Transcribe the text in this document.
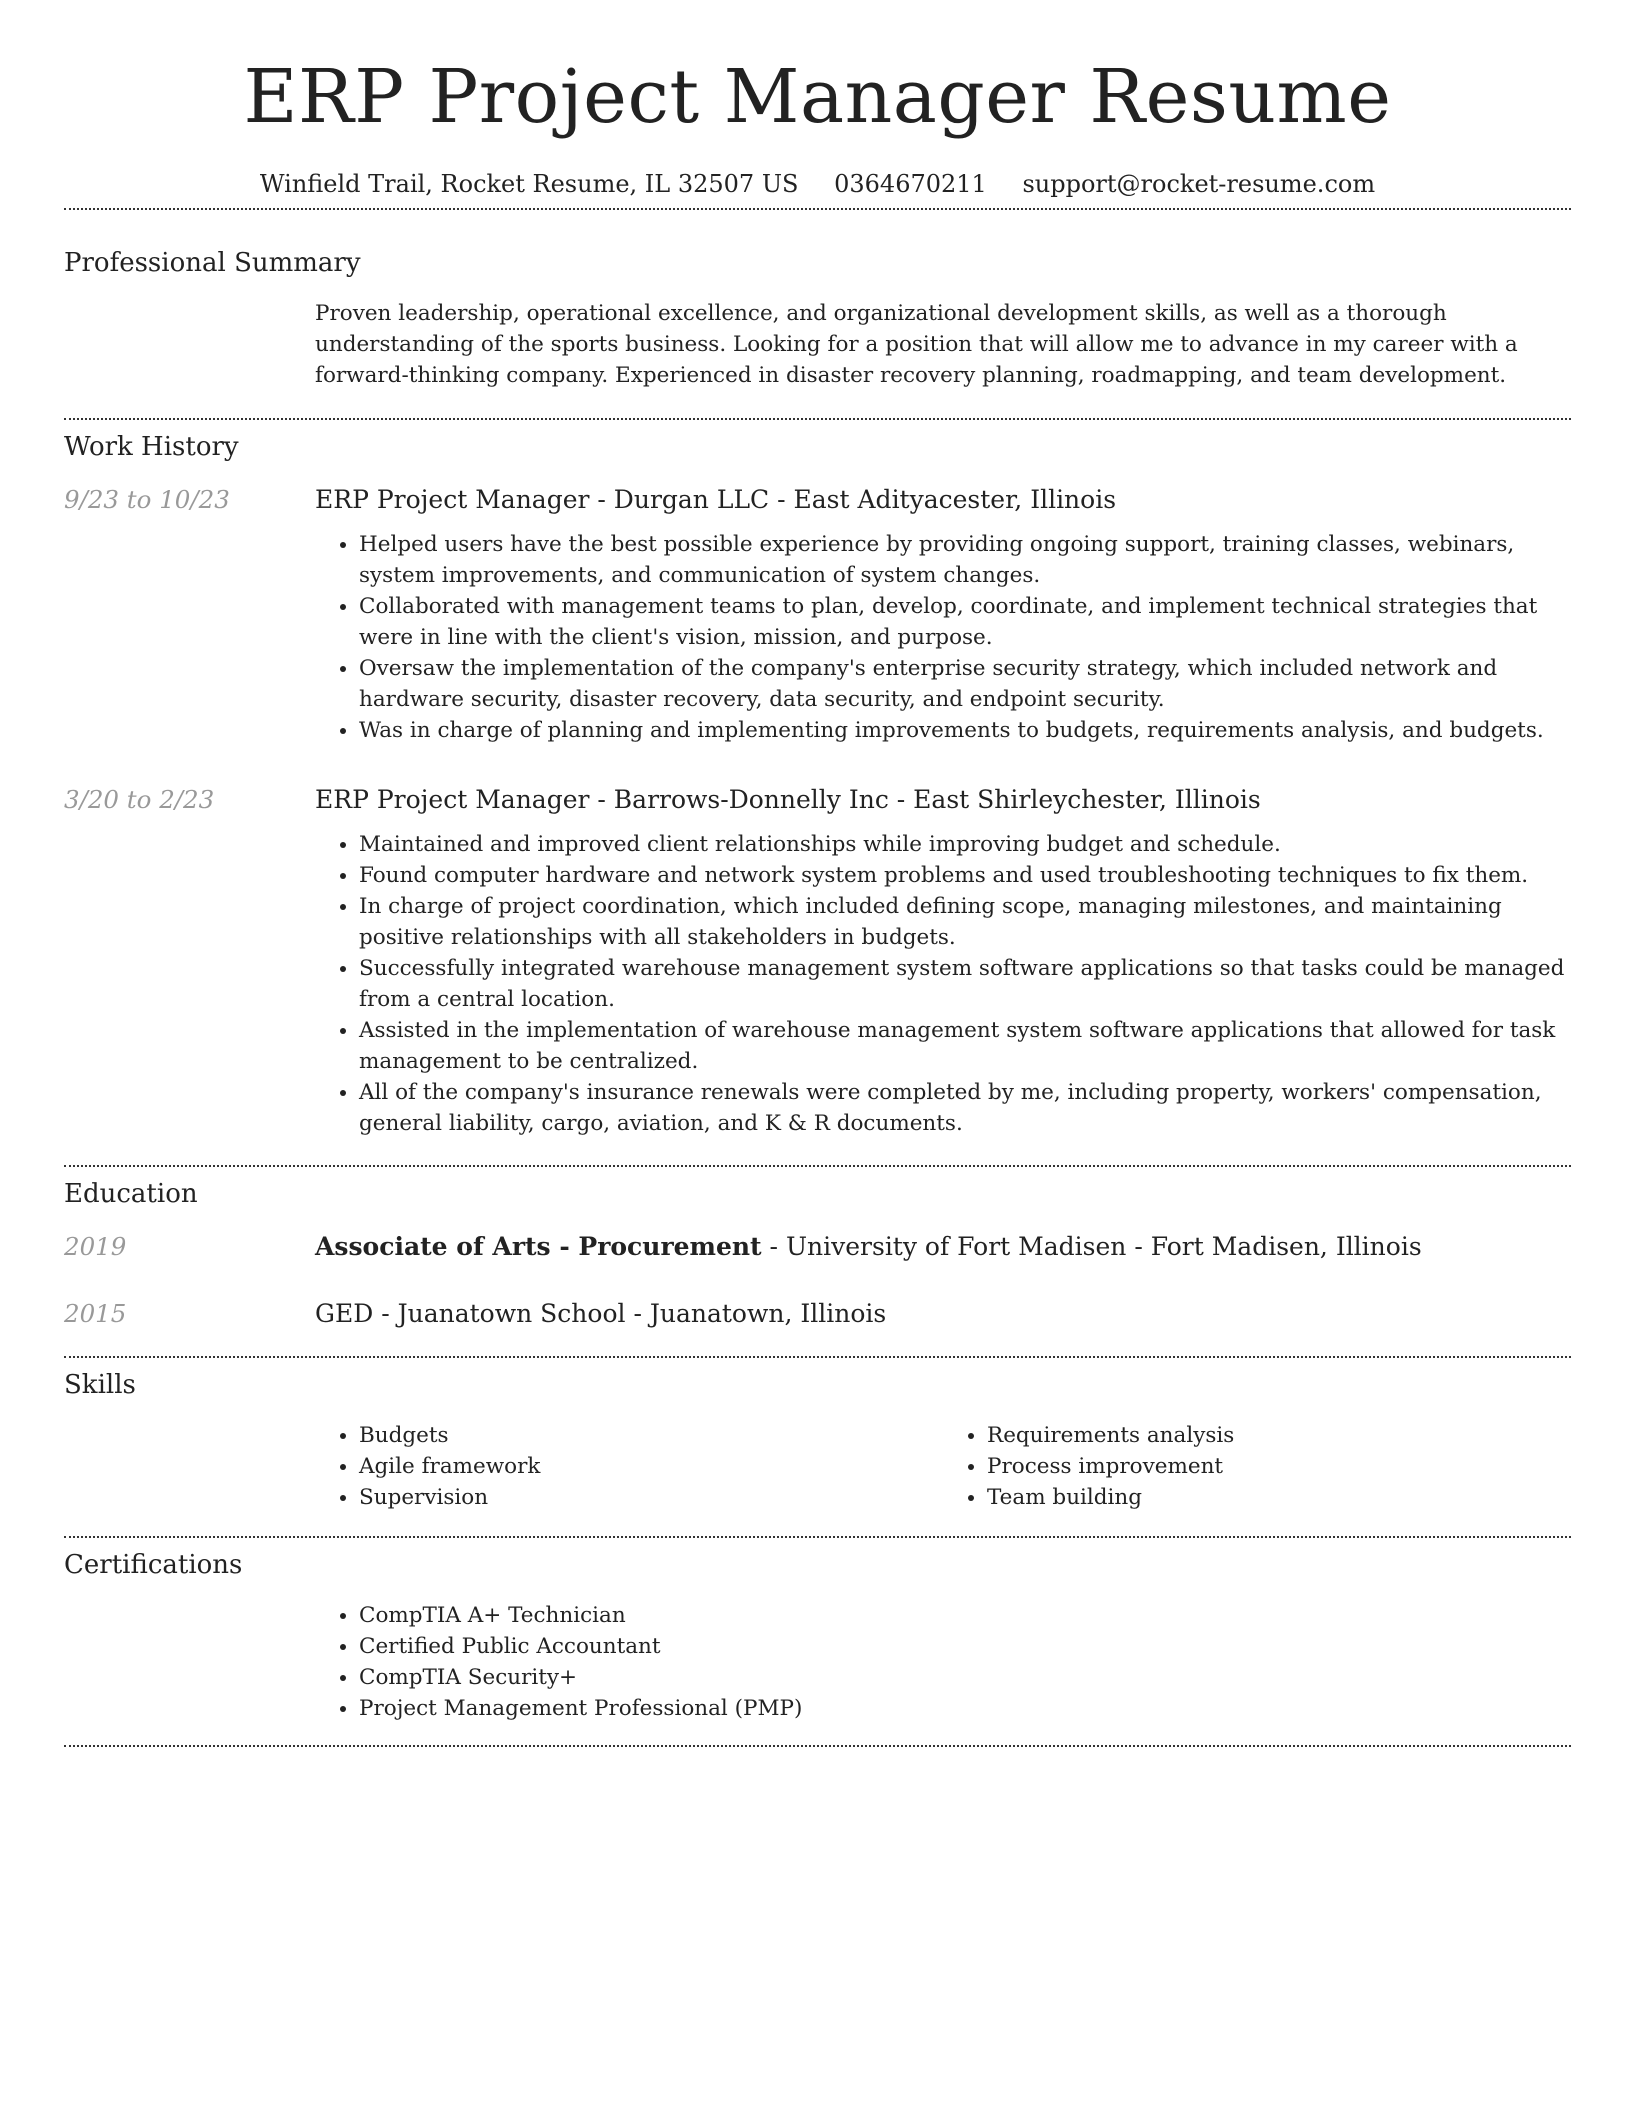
ERP Project Manager Resume
Winfield Trail, Rocket Resume, IL 32507 US 0364670211 support@rocket-resume.com
Professional Summary
Proven leadership, operational excellence, and organizational development skills, as well as a thorough understanding of the sports business. Looking for a position that will allow me to advance in my career with a forward-thinking company. Experienced in disaster recovery planning, roadmapping, and team development.
Work History
9/23 to 10/23	ERP Project Manager - Durgan LLC - East Adityacester, Illinois
• Helped users have the best possible experience by providing ongoing support, training classes, webinars, system improvements, and communication of system changes.
• Collaborated with management teams to plan, develop, coordinate, and implement technical strategies that were in line with the client's vision, mission, and purpose.
• Oversaw the implementation of the company's enterprise security strategy, which included network and hardware security, disaster recovery, data security, and endpoint security.
• Was in charge of planning and implementing improvements to budgets, requirements analysis, and budgets.
3/20 to 2/23	ERP Project Manager - Barrows-Donnelly Inc - East Shirleychester, Illinois
• Maintained and improved client relationships while improving budget and schedule.
• Found computer hardware and network system problems and used troubleshooting techniques to fix them.
• In charge of project coordination, which included defining scope, managing milestones, and maintaining positive relationships with all stakeholders in budgets.
• Successfully integrated warehouse management system software applications so that tasks could be managed from a central location.
• Assisted in the implementation of warehouse management system software applications that allowed for task management to be centralized.
• All of the company's insurance renewals were completed by me, including property, workers' compensation, general liability, cargo, aviation, and K & R documents.
Education
2019	Associate of Arts - Procurement - University of Fort Madisen - Fort Madisen, Illinois
2015	GED - Juanatown School - Juanatown, Illinois
Skills
• Budgets
• Agile framework
• Supervision
• Requirements analysis
• Process improvement
• Team building
Certifications
• CompTIA A+ Technician
• Certified Public Accountant
• CompTIA Security+
• Project Management Professional (PMP)
